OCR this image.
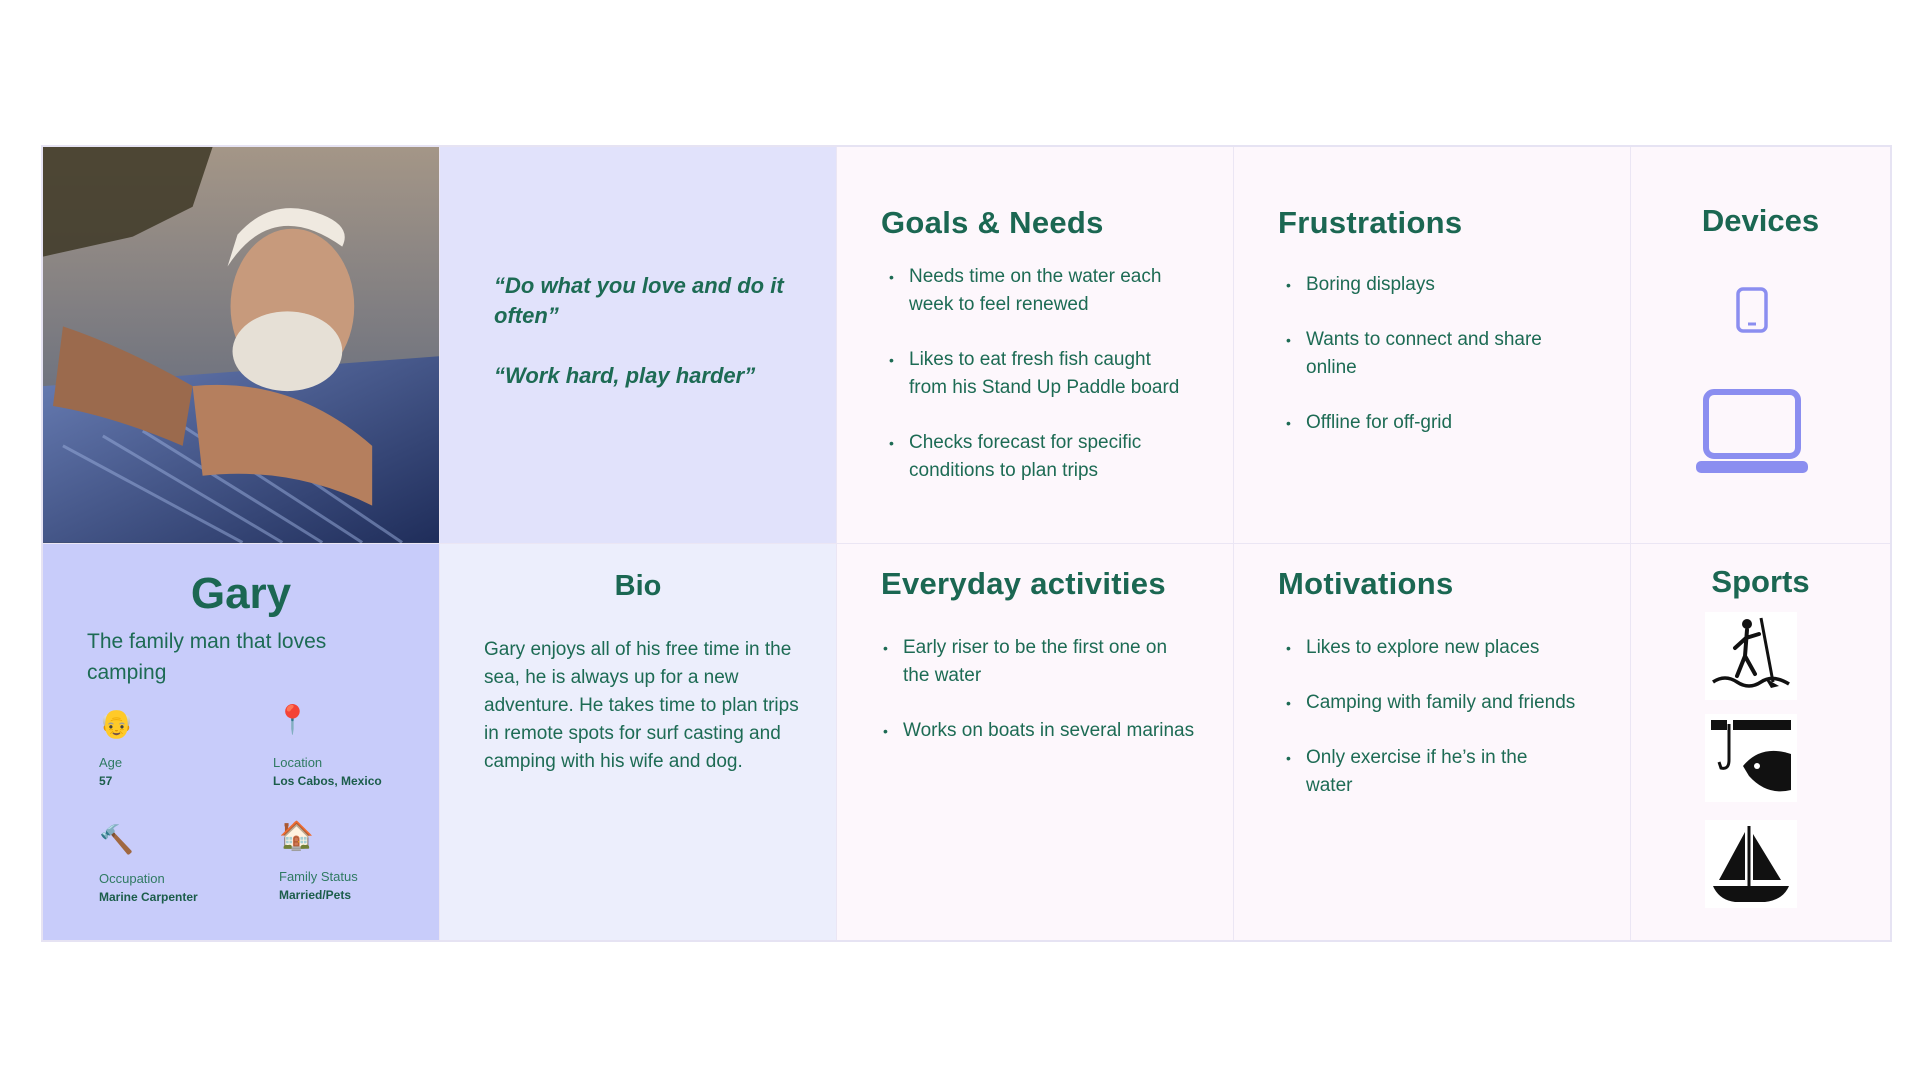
“Do what you love and do it often”
“Work hard, play harder”
Goals & Needs
• Needs time on the water each week to feel renewed
• Likes to eat fresh fish caught from his Stand Up Paddle board
• Checks forecast for specific conditions to plan trips
Frustrations
• Boring displays
• Wants to connect and share online
• Offline for off-grid
Devices
Gary
The family man that loves camping
👴
Age
57
📍
Location
Los Cabos, Mexico
🔨
Occupation
Marine Carpenter
🏠
Family Status
Married/Pets
Bio
Gary enjoys all of his free time in the sea, he is always up for a new adventure. He takes time to plan trips in remote spots for surf casting and camping with his wife and dog.
Everyday activities
• Early riser to be the first one on the water
• Works on boats in several marinas
Motivations
• Likes to explore new places
• Camping with family and friends
• Only exercise if he’s in the water
Sports
